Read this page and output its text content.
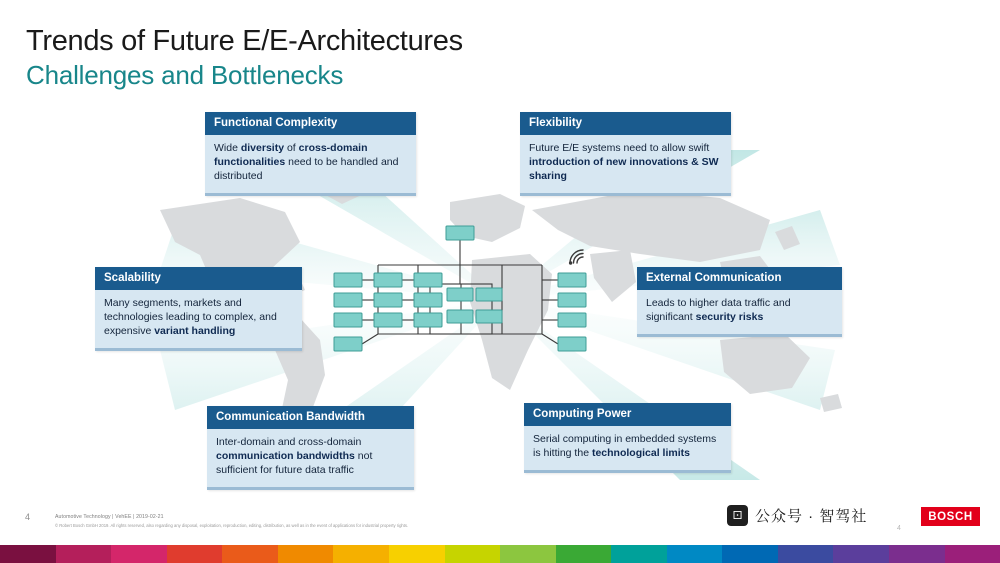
Trends of Future E/E-Architectures
Challenges and Bottlenecks
Functional Complexity
Wide diversity of cross-domain functionalities need to be handled and distributed
Flexibility
Future E/E systems need to allow swift introduction of new innovations & SW sharing
Scalability
Many segments, markets and technologies leading to complex, and expensive variant handling
External Communication
Leads to higher data traffic and significant security risks
Communication Bandwidth
Inter-domain and cross-domain communication bandwidths not sufficient for future data traffic
Computing Power
Serial computing in embedded systems is hitting the technological limits
4	Automotive Technology | VehEE | 2019-02-21
© Robert Bosch GmbH 2019. All rights reserved, also regarding any disposal, exploitation, reproduction, editing, distribution, as well as in the event of applications for industrial property rights.	4
⚀ 公众号 · 智驾社	BOSCH
